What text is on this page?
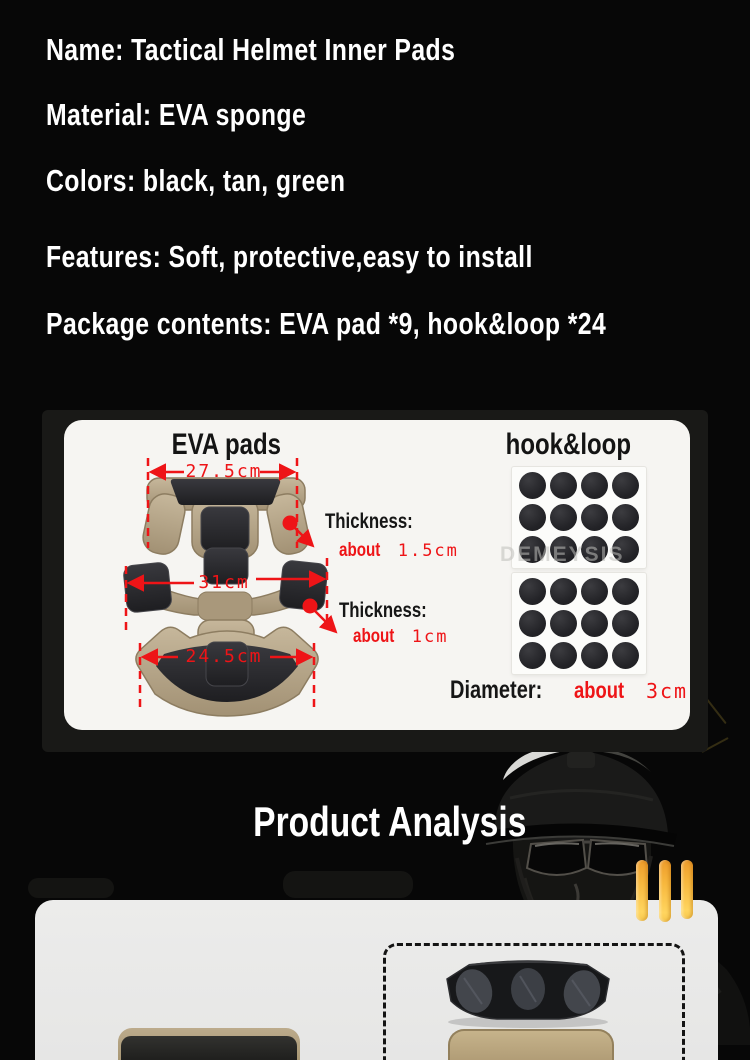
Name: Tactical Helmet Inner Pads
Material: EVA sponge
Colors: black, tan, green
Features: Soft, protective,easy to install
Package contents: EVA pad *9, hook&loop *24
Product Analysis
EVA pads	hook&loop
27.5cm
31cm
24.5cm
Thickness:
about	1.5cm
Thickness:
about	1cm
DEMEYSIS
Diameter:	about	3cm
